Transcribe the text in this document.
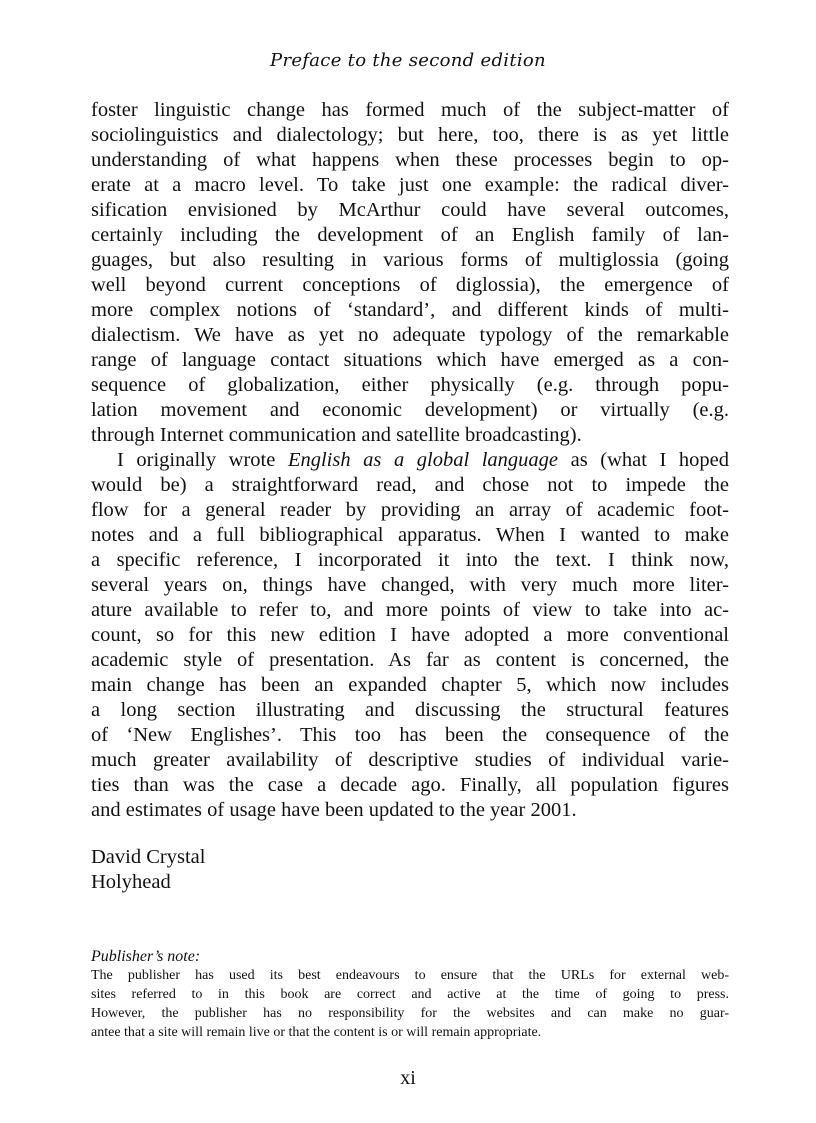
Preface to the second edition
foster linguistic change has formed much of the subject-matter of
sociolinguistics and dialectology; but here, too, there is as yet little
understanding of what happens when these processes begin to op-
erate at a macro level. To take just one example: the radical diver-
sification envisioned by McArthur could have several outcomes,
certainly including the development of an English family of lan-
guages, but also resulting in various forms of multiglossia (going
well beyond current conceptions of diglossia), the emergence of
more complex notions of ‘standard’, and different kinds of multi-
dialectism. We have as yet no adequate typology of the remarkable
range of language contact situations which have emerged as a con-
sequence of globalization, either physically (e.g. through popu-
lation movement and economic development) or virtually (e.g.
through Internet communication and satellite broadcasting).
I originally wrote English as a global language as (what I hoped
would be) a straightforward read, and chose not to impede the
flow for a general reader by providing an array of academic foot-
notes and a full bibliographical apparatus. When I wanted to make
a specific reference, I incorporated it into the text. I think now,
several years on, things have changed, with very much more liter-
ature available to refer to, and more points of view to take into ac-
count, so for this new edition I have adopted a more conventional
academic style of presentation. As far as content is concerned, the
main change has been an expanded chapter 5, which now includes
a long section illustrating and discussing the structural features
of ‘New Englishes’. This too has been the consequence of the
much greater availability of descriptive studies of individual varie-
ties than was the case a decade ago. Finally, all population figures
and estimates of usage have been updated to the year 2001.
David Crystal
Holyhead
Publisher’s note:
The publisher has used its best endeavours to ensure that the URLs for external web-
sites referred to in this book are correct and active at the time of going to press.
However, the publisher has no responsibility for the websites and can make no guar-
antee that a site will remain live or that the content is or will remain appropriate.
xi
